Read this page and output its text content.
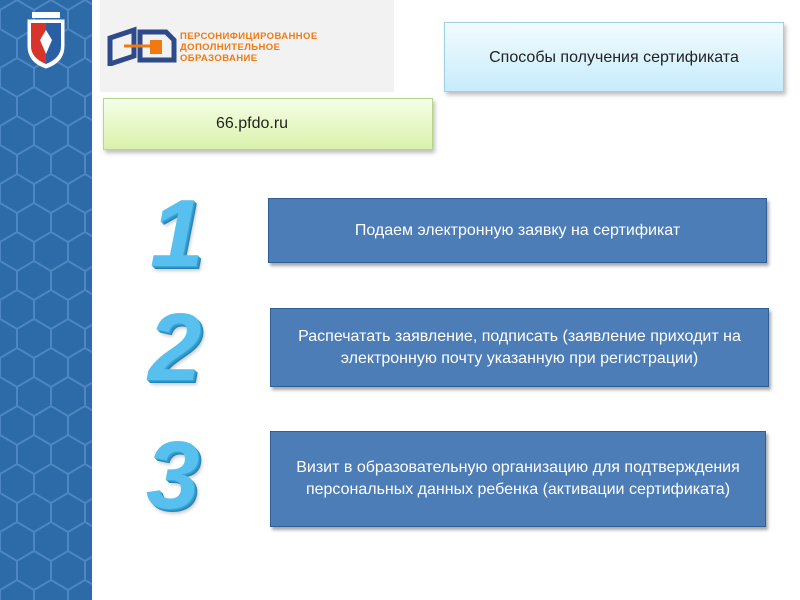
ПЕРСОНИФИЦИРОВАННОЕ
ДОПОЛНИТЕЛЬНОЕ
ОБРАЗОВАНИЕ	Способы получения сертификата
66.pfdo.ru
1	Подаем электронную заявку на сертификат
2	Распечатать заявление, подписать (заявление приходит на электронную почту указанную при регистрации)
3	Визит в образовательную организацию для подтверждения персональных данных ребенка (активации сертификата)
